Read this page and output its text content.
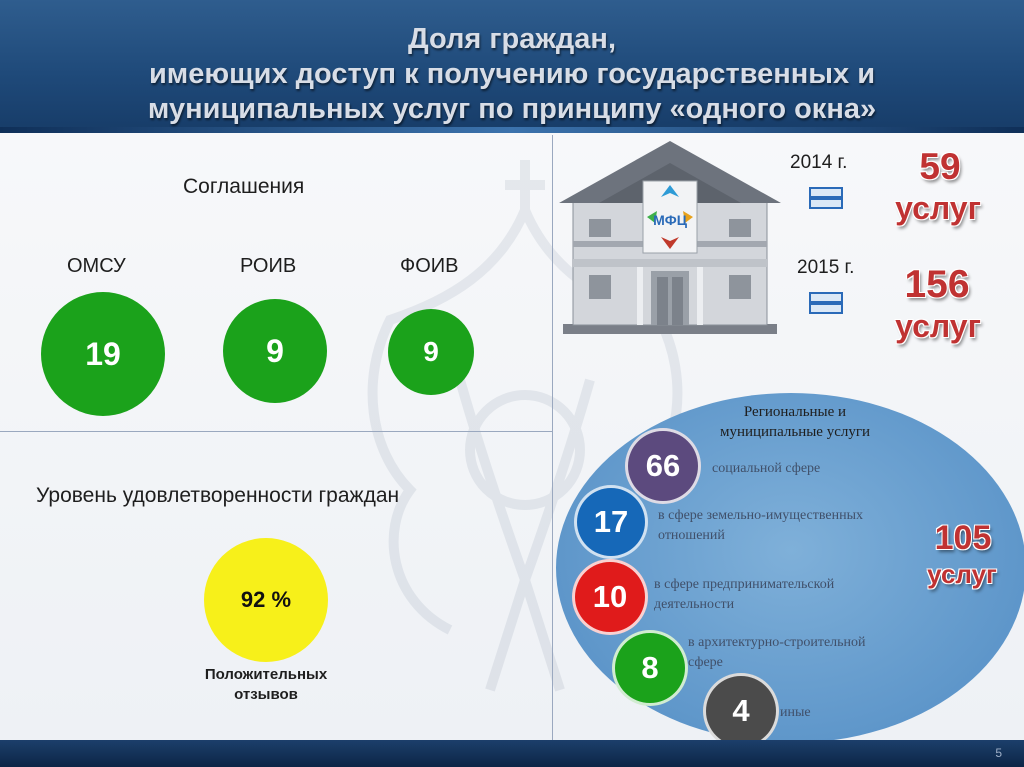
Доля граждан,
имеющих доступ к получению государственных и
муниципальных услуг по принципу «одного окна»
Соглашения
ОМСУ
19
РОИВ
9
ФОИВ
9
Уровень удовлетворенности граждан
92 %
Положительных
отзывов
МФЦ
2014 г.	59
услуг
2015 г.	156
услуг
Региональные и
муниципальные услуги
66 социальной сфере
17 в сфере земельно-имущественных
отношений
10 в сфере предпринимательской
деятельности
8
в архитектурно-строительной
сфере
4 иные
105
услуг
5
